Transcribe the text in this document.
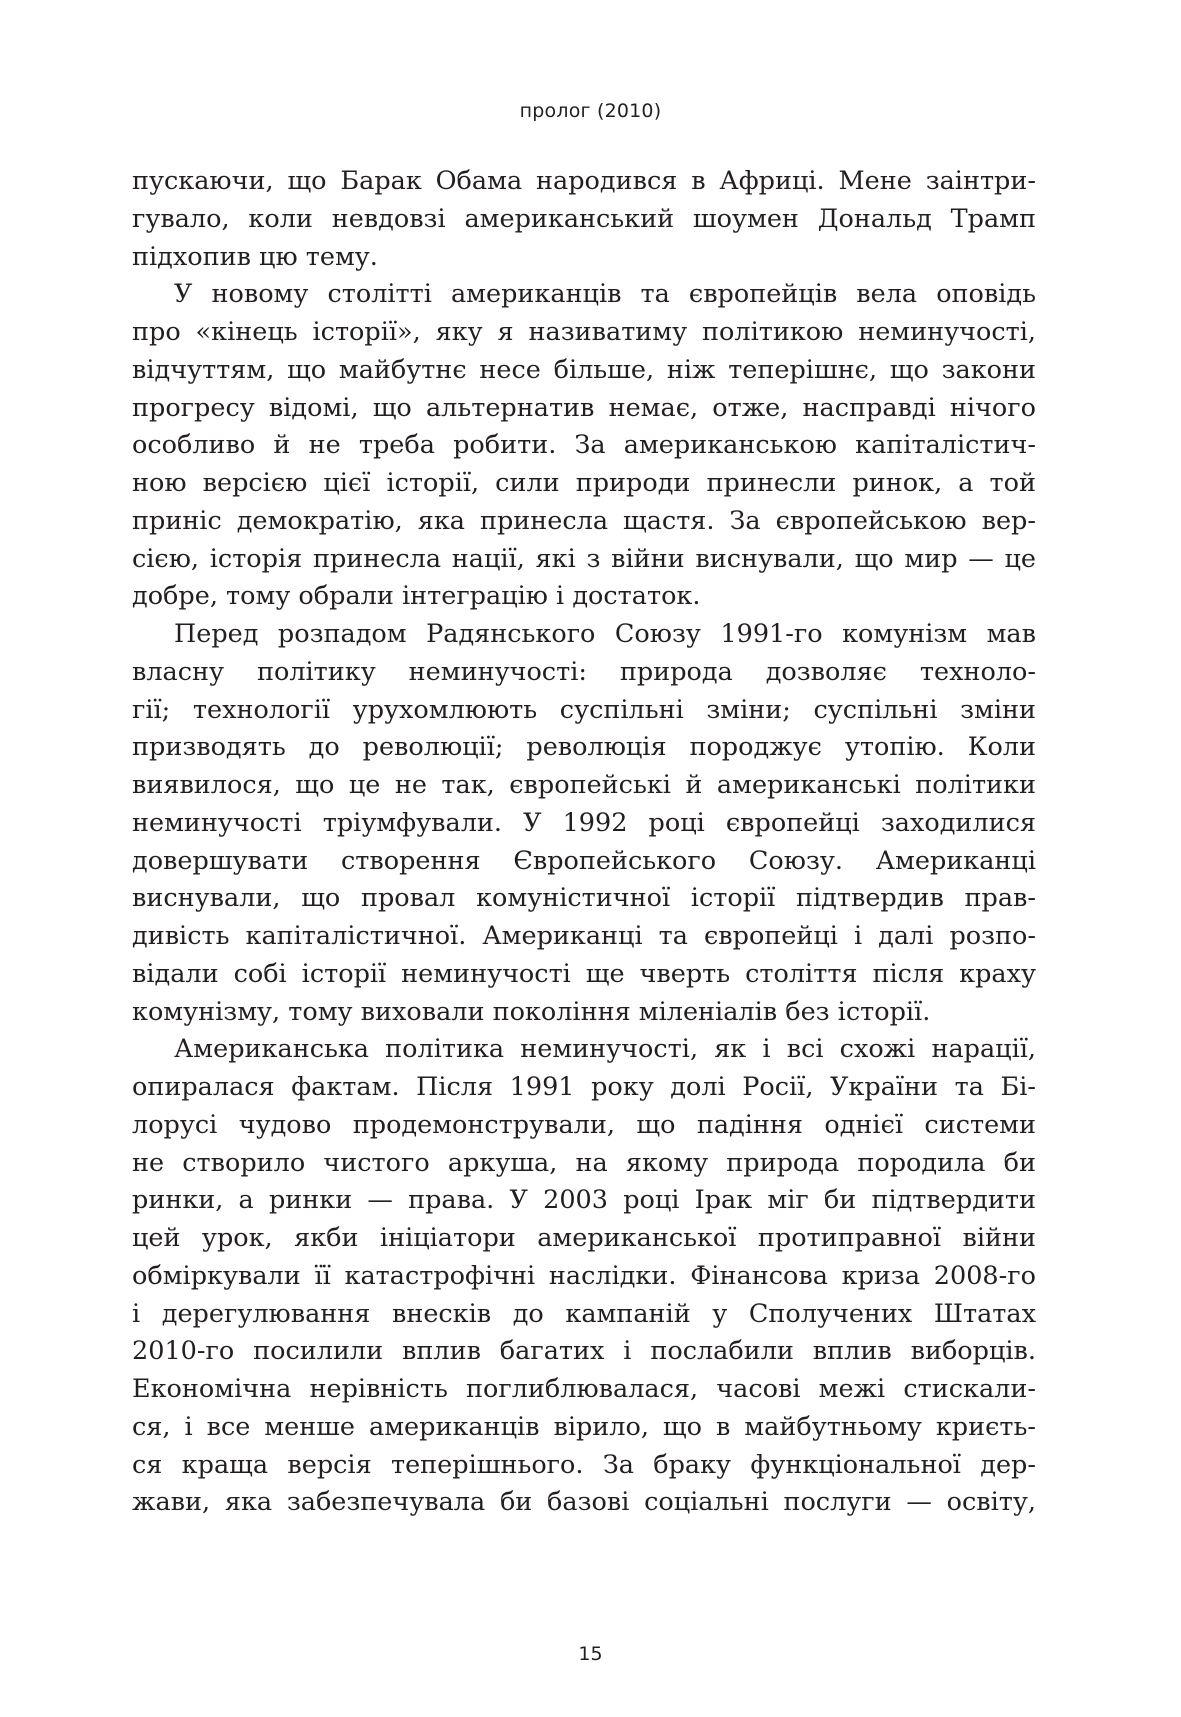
пролог (2010)
пускаючи, що Барак Обама народився в Африці. Мене заінтри-
гувало, коли невдовзі американський шоумен Дональд Трамп
підхопив цю тему.
У новому столітті американців та європейців вела оповідь
про «кінець історії», яку я називатиму політикою неминучості,
відчуттям, що майбутнє несе більше, ніж теперішнє, що закони
прогресу відомі, що альтернатив немає, отже, насправді нічого
особливо й не треба робити. За американською капіталістич-
ною версією цієї історії, сили природи принесли ринок, а той
приніс демократію, яка принесла щастя. За європейською вер-
сією, історія принесла нації, які з війни виснували, що мир — це
добре, тому обрали інтеграцію і достаток.
Перед розпадом Радянського Союзу 1991-го комунізм мав
власну політику неминучості: природа дозволяє техноло-
гії; технології урухомлюють суспільні зміни; суспільні зміни
призводять до революції; революція породжує утопію. Коли
виявилося, що це не так, європейські й американські політики
неминучості тріумфували. У 1992 році європейці заходилися
довершувати створення Європейського Союзу. Американці
виснували, що провал комуністичної історії підтвердив прав-
дивість капіталістичної. Американці та європейці і далі розпо-
відали собі історії неминучості ще чверть століття після краху
комунізму, тому виховали покоління міленіалів без історії.
Американська політика неминучості, як і всі схожі нарації,
опиралася фактам. Після 1991 року долі Росії, України та Бі-
лорусі чудово продемонстрували, що падіння однієї системи
не створило чистого аркуша, на якому природа породила би
ринки, а ринки — права. У 2003 році Ірак міг би підтвердити
цей урок, якби ініціатори американської протиправної війни
обміркували її катастрофічні наслідки. Фінансова криза 2008-го
і дерегулювання внесків до кампаній у Сполучених Штатах
2010-го посилили вплив багатих і послабили вплив виборців.
Економічна нерівність поглиблювалася, часові межі стискали-
ся, і все менше американців вірило, що в майбутньому криєть-
ся краща версія теперішнього. За браку функціональної дер-
жави, яка забезпечувала би базові соціальні послуги — освіту,
15
